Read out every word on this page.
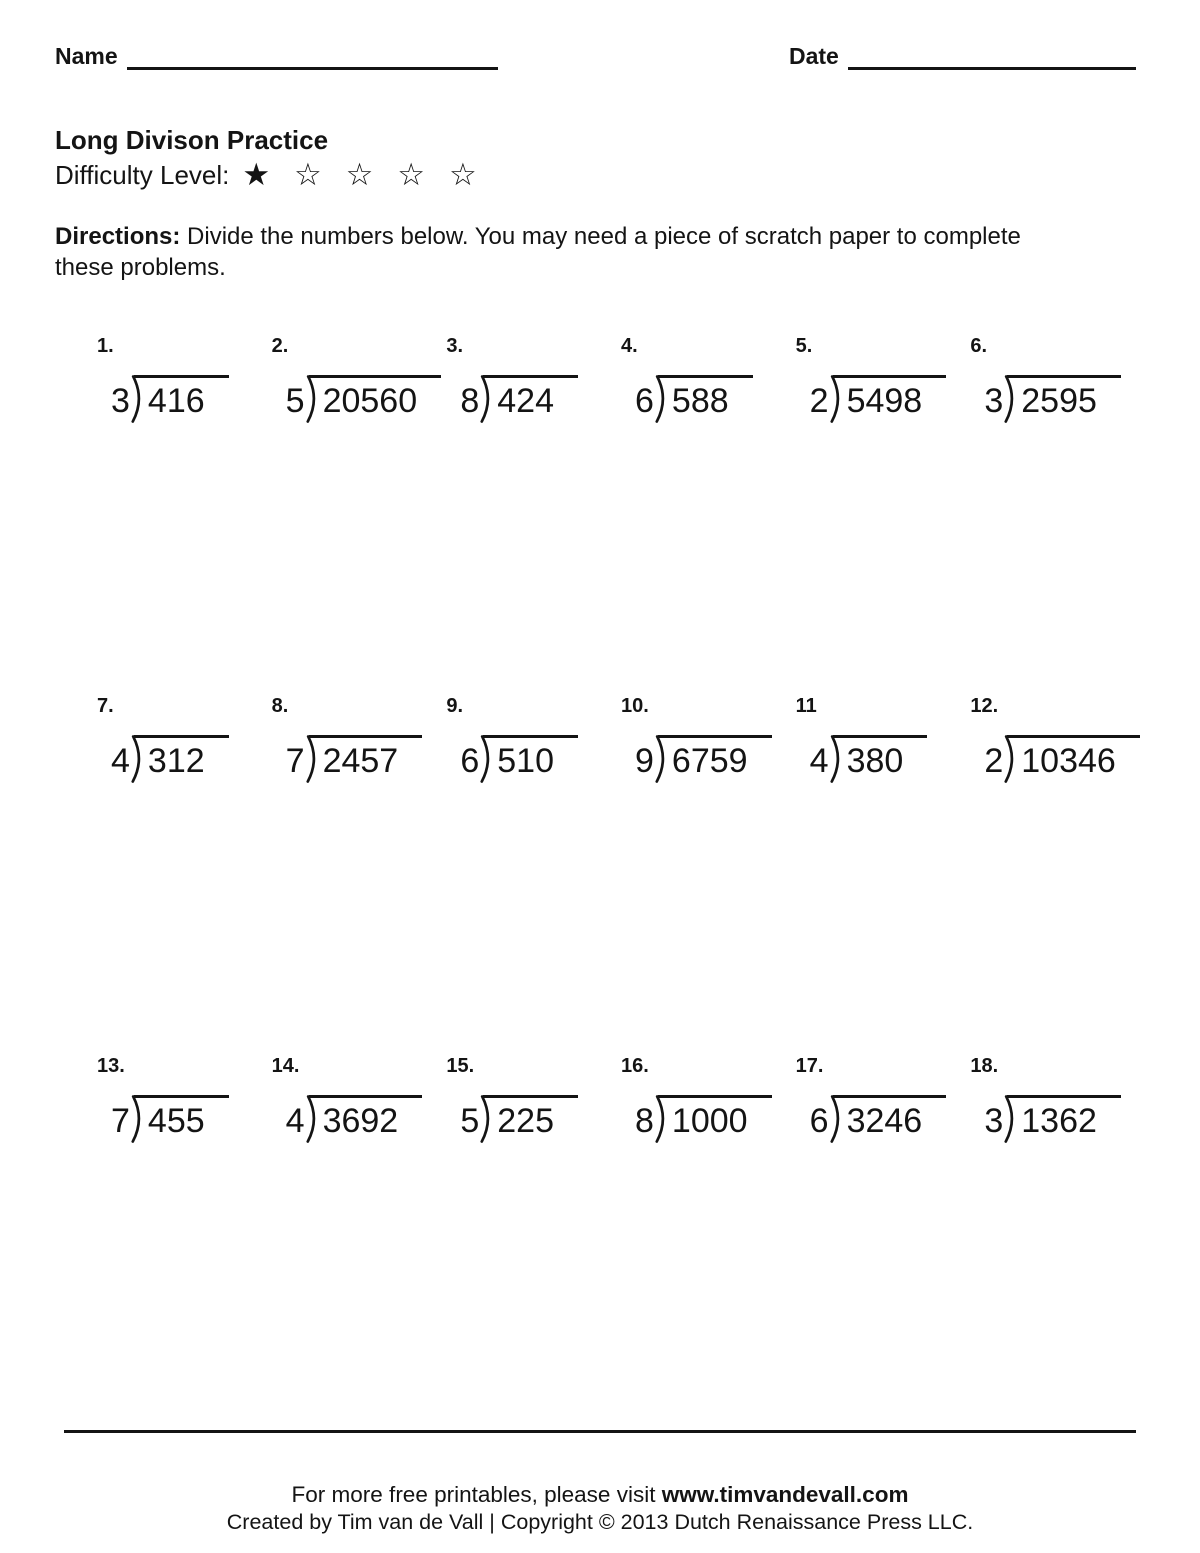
Name	Date
Long Divison Practice
Difficulty Level: ★ ☆ ☆ ☆ ☆

Directions: Divide the numbers below. You may need a piece of scratch paper to complete these problems.

1.
3 416
2.
5 20560
3.
8 424
4.
6 588
5.
2 5498
6.
3 2595
7.
4 312
8.
7 2457
9.
6 510
10.
9 6759
11
4 380
12.
2 10346
13.
7 455
14.
4 3692
15.
5 225
16.
8 1000
17.
6 3246
18.
3 1362
For more free printables, please visit www.timvandevall.com
Created by Tim van de Vall | Copyright © 2013 Dutch Renaissance Press LLC.
